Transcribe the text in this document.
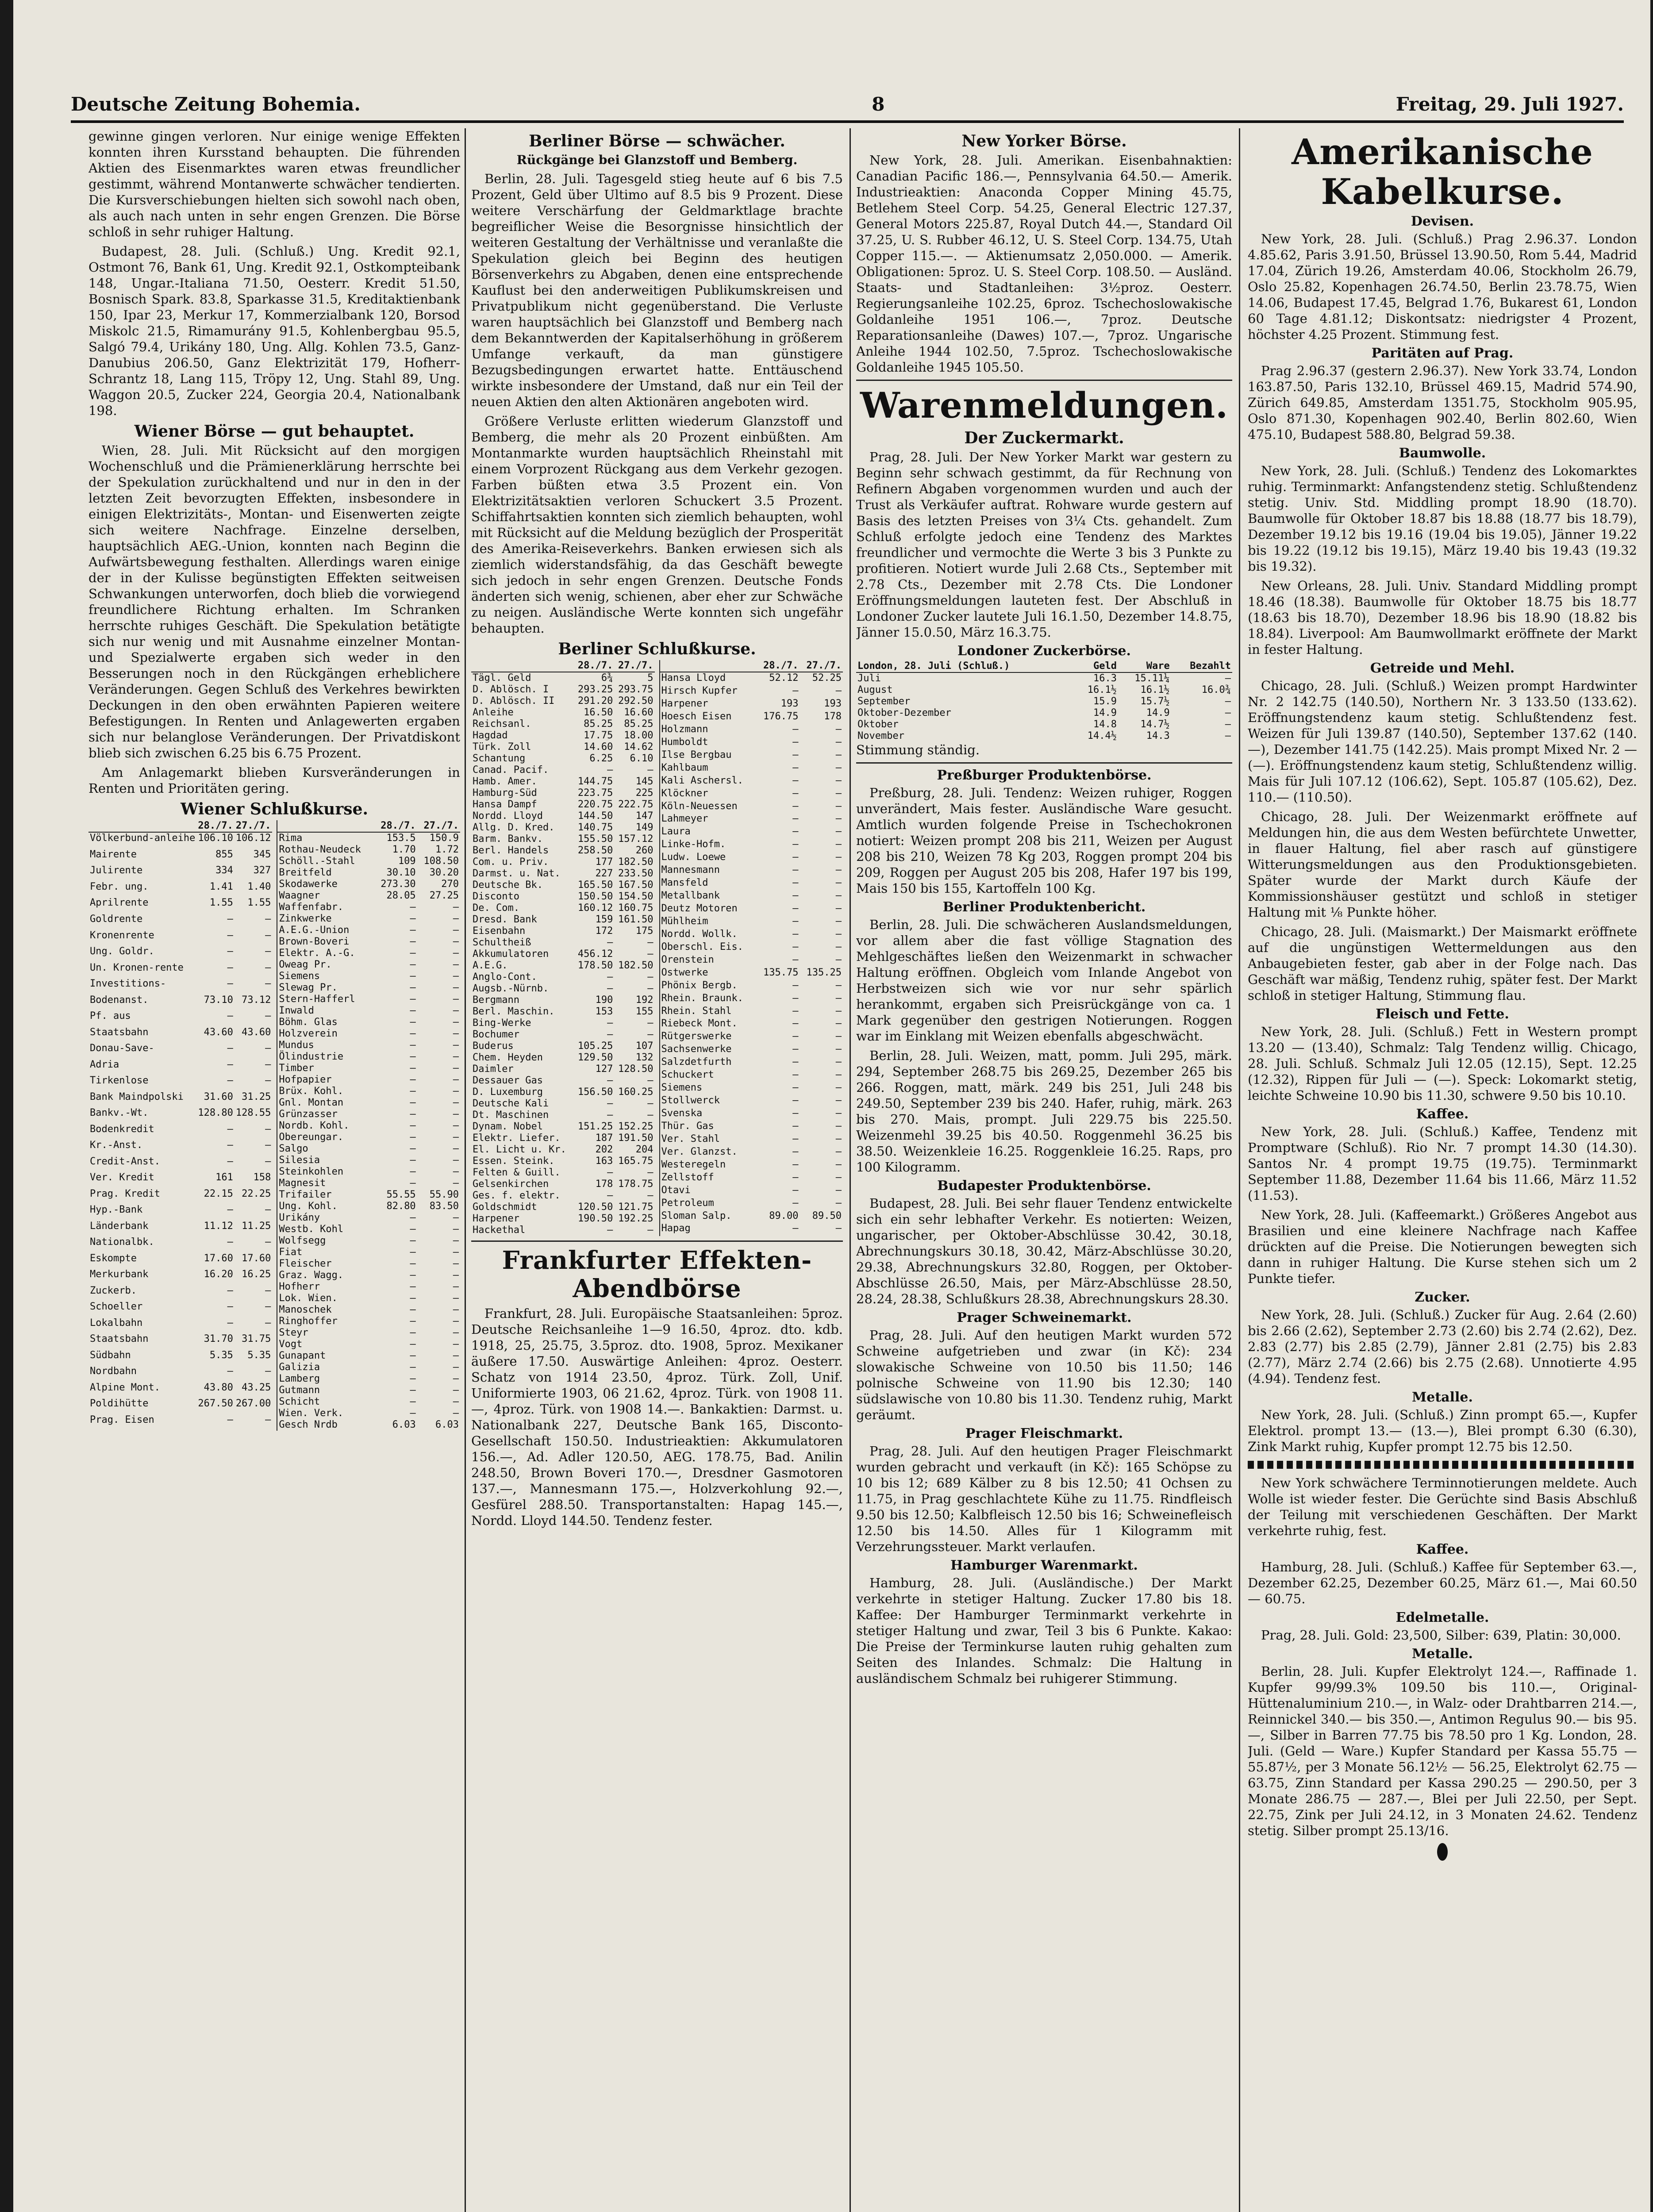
Deutsche Zeitung Bohemia.	8	Freitag, 29. Juli 1927.

gewinne gingen verloren. Nur einige wenige Effekten konnten ihren Kursstand behaupten. Die führenden Aktien des Eisenmarktes waren etwas freundlicher gestimmt, während Montanwerte schwächer tendierten. Die Kursverschiebungen hielten sich sowohl nach oben, als auch nach unten in sehr engen Grenzen. Die Börse schloß in sehr ruhiger Haltung.

Budapest, 28. Juli. (Schluß.) Ung. Kredit 92.1, Ostmont 76, Bank 61, Ung. Kredit 92.1, Ostkompteibank 148, Ungar.-Italiana 71.50, Oesterr. Kredit 51.50, Bosnisch Spark. 83.8, Sparkasse 31.5, Kreditaktienbank 150, Ipar 23, Merkur 17, Kommerzialbank 120, Borsod Miskolc 21.5, Rimamurány 91.5, Kohlenbergbau 95.5, Salgó 79.4, Urikány 180, Ung. Allg. Kohlen 73.5, Ganz-Danubius 206.50, Ganz Elektrizität 179, Hofherr-Schrantz 18, Lang 115, Tröpy 12, Ung. Stahl 89, Ung. Waggon 20.5, Zucker 224, Georgia 20.4, Nationalbank 198.

Wiener Börse — gut behauptet.

Wien, 28. Juli. Mit Rücksicht auf den morgigen Wochenschluß und die Prämienerklärung herrschte bei der Spekulation zurückhaltend und nur in den in der letzten Zeit bevorzugten Effekten, insbesondere in einigen Elektrizitäts-, Montan- und Eisenwerten zeigte sich weitere Nachfrage. Einzelne derselben, hauptsächlich AEG.-Union, konnten nach Beginn die Aufwärtsbewegung festhalten. Allerdings waren einige der in der Kulisse begünstigten Effekten seitweisen Schwankungen unterworfen, doch blieb die vorwiegend freundlichere Richtung erhalten. Im Schranken herrschte ruhiges Geschäft. Die Spekulation betätigte sich nur wenig und mit Ausnahme einzelner Montan- und Spezialwerte ergaben sich weder in den Besserungen noch in den Rückgängen erheblichere Veränderungen. Gegen Schluß des Verkehres bewirkten Deckungen in den oben erwähnten Papieren weitere Befestigungen. In Renten und Anlagewerten ergaben sich nur belanglose Veränderungen. Der Privatdiskont blieb sich zwischen 6.25 bis 6.75 Prozent.

Am Anlagemarkt blieben Kursveränderungen in Renten und Prioritäten gering.

Wiener Schlußkurse.
	28./7.	27./7.
Völkerbund-anleihe	106.10	106.12
Mairente	855	345
Julirente	334	327
Febr. ung.	1.41	1.40
Aprilrente	1.55	1.55
Goldrente	—	—
Kronenrente	—	—
Ung. Goldr.	—	—
Un. Kronen-rente	—	—
Investitions-	—	—
Bodenanst.	73.10	73.12
Pf. aus	—	—
Staatsbahn	43.60	43.60
Donau-Save-	—	—
Adria	—	—
Tirkenlose	—	—
Bank Maindpolski	31.60	31.25
Bankv.-Wt.	128.80	128.55
Bodenkredit	—	—
Kr.-Anst.	—	—
Credit-Anst.	—	—
Ver. Kredit	161	158
Prag. Kredit	22.15	22.25
Hyp.-Bank	—	—
Länderbank	11.12	11.25
Nationalbk.	—	—
Eskompte	17.60	17.60
Merkurbank	16.20	16.25
Zuckerb.	—	—
Schoeller	—	—
Lokalbahn	—	—
Staatsbahn	31.70	31.75
Südbahn	5.35	5.35
Nordbahn	—	—
Alpine Mont.	43.80	43.25
Poldihütte	267.50	267.00
Prag. Eisen	—	—
	28./7.	27./7.
Rima	153.5	150.9
Rothau-Neudeck	1.70	1.72
Schöll.-Stahl	109	108.50
Breitfeld	30.10	30.20
Skodawerke	273.30	270
Waagner	28.05	27.25
Waffenfabr.	—	—
Zinkwerke	—	—
A.E.G.-Union	—	—
Brown-Boveri	—	—
Elektr. A.-G.	—	—
Oweag Pr.	—	—
Siemens	—	—
Slewag Pr.	—	—
Stern-Hafferl	—	—
Inwald	—	—
Böhm. Glas	—	—
Holzverein	—	—
Mundus	—	—
Ölindustrie	—	—
Timber	—	—
Hofpapier	—	—
Brüx. Kohl.	—	—
Gnl. Montan	—	—
Grünzasser	—	—
Nordb. Kohl.	—	—
Obereungar.	—	—
Salgo	—	—
Silesia	—	—
Steinkohlen	—	—
Magnesit	—	—
Trifailer	55.55	55.90
Ung. Kohl.	82.80	83.50
Urikány	—	—
Westb. Kohl	—	—
Wolfsegg	—	—
Fiat	—	—
Fleischer	—	—
Graz. Wagg.	—	—
Hofherr	—	—
Lok. Wien.	—	—
Manoschek	—	—
Ringhoffer	—	—
Steyr	—	—
Vogt	—	—
Gunapant	—	—
Galizia	—	—
Lamberg	—	—
Gutmann	—	—
Schicht	—	—
Wien. Verk.	—	—
Gesch Nrdb	6.03	6.03
Berliner Börse — schwächer.
Rückgänge bei Glanzstoff und Bemberg.

Berlin, 28. Juli. Tagesgeld stieg heute auf 6 bis 7.5 Prozent, Geld über Ultimo auf 8.5 bis 9 Prozent. Diese weitere Verschärfung der Geldmarktlage brachte begreiflicher Weise die Besorgnisse hinsichtlich der weiteren Gestaltung der Verhältnisse und veranlaßte die Spekulation gleich bei Beginn des heutigen Börsenverkehrs zu Abgaben, denen eine entsprechende Kauflust bei den anderweitigen Publikumskreisen und Privatpublikum nicht gegenüberstand. Die Verluste waren hauptsächlich bei Glanzstoff und Bemberg nach dem Bekanntwerden der Kapitalserhöhung in größerem Umfange verkauft, da man günstigere Bezugsbedingungen erwartet hatte. Enttäuschend wirkte insbesondere der Umstand, daß nur ein Teil der neuen Aktien den alten Aktionären angeboten wird.

Größere Verluste erlitten wiederum Glanzstoff und Bemberg, die mehr als 20 Prozent einbüßten. Am Montanmarkte wurden hauptsächlich Rheinstahl mit einem Vorprozent Rückgang aus dem Verkehr gezogen. Farben büßten etwa 3.5 Prozent ein. Von Elektrizitätsaktien verloren Schuckert 3.5 Prozent. Schiffahrtsaktien konnten sich ziemlich behaupten, wohl mit Rücksicht auf die Meldung bezüglich der Prosperität des Amerika-Reiseverkehrs. Banken erwiesen sich als ziemlich widerstandsfähig, da das Geschäft bewegte sich jedoch in sehr engen Grenzen. Deutsche Fonds änderten sich wenig, schienen, aber eher zur Schwäche zu neigen. Ausländische Werte konnten sich ungefähr behaupten.

Berliner Schlußkurse.
	28./7.	27./7.
Tägl. Geld	6¾	5
D. Ablösch. I	293.25	293.75
D. Ablösch. II	291.20	292.50
Anleihe	16.50	16.60
Reichsanl.	85.25	85.25
Hagdad	17.75	18.00
Türk. Zoll	14.60	14.62
Schantung	6.25	6.10
Canad. Pacif.	—	—
Hamb. Amer.	144.75	145
Hamburg-Süd	223.75	225
Hansa Dampf	220.75	222.75
Nordd. Lloyd	144.50	147
Allg. D. Kred.	140.75	149
Barm. Bankv.	155.50	157.12
Berl. Handels	258.50	260
Com. u. Priv.	177	182.50
Darmst. u. Nat.	227	233.50
Deutsche Bk.	165.50	167.50
Disconto	150.50	154.50
De. Com.	160.12	160.75
Dresd. Bank	159	161.50
Eisenbahn	172	175
Schultheiß	—	—
Akkumulatoren	456.12	—
A.E.G.	178.50	182.50
Anglo-Cont.	—	—
Augsb.-Nürnb.	—	—
Bergmann	190	192
Berl. Maschin.	153	155
Bing-Werke	—	—
Bochumer	—	—
Buderus	105.25	107
Chem. Heyden	129.50	132
Daimler	127	128.50
Dessauer Gas	—	—
D. Luxemburg	156.50	160.25
Deutsche Kali	—	—
Dt. Maschinen	—	—
Dynam. Nobel	151.25	152.25
Elektr. Liefer.	187	191.50
El. Licht u. Kr.	202	204
Essen. Steink.	163	165.75
Felten & Guill.	—	—
Gelsenkirchen	178	178.75
Ges. f. elektr.	—	—
Goldschmidt	120.50	121.75
Harpener	190.50	192.25
Hackethal	—	—
	28./7.	27./7.
Hansa Lloyd	52.12	52.25
Hirsch Kupfer	—	—
Harpener	193	193
Hoesch Eisen	176.75	178
Holzmann	—	—
Humboldt	—	—
Ilse Bergbau	—	—
Kahlbaum	—	—
Kali Aschersl.	—	—
Klöckner	—	—
Köln-Neuessen	—	—
Lahmeyer	—	—
Laura	—	—
Linke-Hofm.	—	—
Ludw. Loewe	—	—
Mannesmann	—	—
Mansfeld	—	—
Metallbank	—	—
Deutz Motoren	—	—
Mühlheim	—	—
Nordd. Wollk.	—	—
Oberschl. Eis.	—	—
Orenstein	—	—
Ostwerke	135.75	135.25
Phönix Bergb.	—	—
Rhein. Braunk.	—	—
Rhein. Stahl	—	—
Riebeck Mont.	—	—
Rütgerswerke	—	—
Sachsenwerke	—	—
Salzdetfurth	—	—
Schuckert	—	—
Siemens	—	—
Stollwerck	—	—
Svenska	—	—
Thür. Gas	—	—
Ver. Stahl	—	—
Ver. Glanzst.	—	—
Westeregeln	—	—
Zellstoff	—	—
Otavi	—	—
Petroleum	—	—
Sloman Salp.	89.00	89.50
Hapag	—	—
Frankfurter Effekten-Abendbörse

Frankfurt, 28. Juli. Europäische Staatsanleihen: 5proz. Deutsche Reichsanleihe 1—9 16.50, 4proz. dto. kdb. 1918, 25, 25.75, 3.5proz. dto. 1908, 5proz. Mexikaner äußere 17.50. Auswärtige Anleihen: 4proz. Oesterr. Schatz von 1914 23.50, 4proz. Türk. Zoll, Unif. Uniformierte 1903, 06 21.62, 4proz. Türk. von 1908 11.—, 4proz. Türk. von 1908 14.—. Bankaktien: Darmst. u. Nationalbank 227, Deutsche Bank 165, Disconto-Gesellschaft 150.50. Industrieaktien: Akkumulatoren 156.—, Ad. Adler 120.50, AEG. 178.75, Bad. Anilin 248.50, Brown Boveri 170.—, Dresdner Gasmotoren 137.—, Mannesmann 175.—, Holzverkohlung 92.—, Gesfürel 288.50. Transportanstalten: Hapag 145.—, Nordd. Lloyd 144.50. Tendenz fester.

New Yorker Börse.

New York, 28. Juli. Amerikan. Eisenbahnaktien: Canadian Pacific 186.—, Pennsylvania 64.50.— Amerik. Industrieaktien: Anaconda Copper Mining 45.75, Betlehem Steel Corp. 54.25, General Electric 127.37, General Motors 225.87, Royal Dutch 44.—, Standard Oil 37.25, U. S. Rubber 46.12, U. S. Steel Corp. 134.75, Utah Copper 115.—. — Aktienumsatz 2,050.000. — Amerik. Obligationen: 5proz. U. S. Steel Corp. 108.50. — Ausländ. Staats- und Stadtanleihen: 3½proz. Oesterr. Regierungsanleihe 102.25, 6proz. Tschechoslowakische Goldanleihe 1951 106.—, 7proz. Deutsche Reparationsanleihe (Dawes) 107.—, 7proz. Ungarische Anleihe 1944 102.50, 7.5proz. Tschechoslowakische Goldanleihe 1945 105.50.

Warenmeldungen.
Der Zuckermarkt.

Prag, 28. Juli. Der New Yorker Markt war gestern zu Beginn sehr schwach gestimmt, da für Rechnung von Refinern Abgaben vorgenommen wurden und auch der Trust als Verkäufer auftrat. Rohware wurde gestern auf Basis des letzten Preises von 3¼ Cts. gehandelt. Zum Schluß erfolgte jedoch eine Tendenz des Marktes freundlicher und vermochte die Werte 3 bis 3 Punkte zu profitieren. Notiert wurde Juli 2.68 Cts., September mit 2.78 Cts., Dezember mit 2.78 Cts. Die Londoner Eröffnungsmeldungen lauteten fest. Der Abschluß in Londoner Zucker lautete Juli 16.1.50, Dezember 14.8.75, Jänner 15.0.50, März 16.3.75.

Londoner Zuckerbörse.
London, 28. Juli (Schluß.)	Geld	Ware	Bezahlt
Juli	16.3	15.11¼	—
August	16.1½	16.1½	16.0¾
September	15.9	15.7½	—
Oktober-Dezember	14.9	14.9	—
Oktober	14.8	14.7½	—
November	14.4½	14.3	—

Stimmung ständig.

Preßburger Produktenbörse.

Preßburg, 28. Juli. Tendenz: Weizen ruhiger, Roggen unverändert, Mais fester. Ausländische Ware gesucht. Amtlich wurden folgende Preise in Tschechokronen notiert: Weizen prompt 208 bis 211, Weizen per August 208 bis 210, Weizen 78 Kg 203, Roggen prompt 204 bis 209, Roggen per August 205 bis 208, Hafer 197 bis 199, Mais 150 bis 155, Kartoffeln 100 Kg.

Berliner Produktenbericht.

Berlin, 28. Juli. Die schwächeren Auslandsmeldungen, vor allem aber die fast völlige Stagnation des Mehlgeschäftes ließen den Weizenmarkt in schwacher Haltung eröffnen. Obgleich vom Inlande Angebot von Herbstweizen sich wie vor nur sehr spärlich herankommt, ergaben sich Preisrückgänge von ca. 1 Mark gegenüber den gestrigen Notierungen. Roggen war im Einklang mit Weizen ebenfalls abgeschwächt.

Berlin, 28. Juli. Weizen, matt, pomm. Juli 295, märk. 294, September 268.75 bis 269.25, Dezember 265 bis 266. Roggen, matt, märk. 249 bis 251, Juli 248 bis 249.50, September 239 bis 240. Hafer, ruhig, märk. 263 bis 270. Mais, prompt. Juli 229.75 bis 225.50. Weizenmehl 39.25 bis 40.50. Roggenmehl 36.25 bis 38.50. Weizenkleie 16.25. Roggenkleie 16.25. Raps, pro 100 Kilogramm.

Budapester Produktenbörse.

Budapest, 28. Juli. Bei sehr flauer Tendenz entwickelte sich ein sehr lebhafter Verkehr. Es notierten: Weizen, ungarischer, per Oktober-Abschlüsse 30.42, 30.18, Abrechnungskurs 30.18, 30.42, März-Abschlüsse 30.20, 29.38, Abrechnungskurs 32.80, Roggen, per Oktober-Abschlüsse 26.50, Mais, per März-Abschlüsse 28.50, 28.24, 28.38, Schlußkurs 28.38, Abrechnungskurs 28.30.

Prager Schweinemarkt.

Prag, 28. Juli. Auf den heutigen Markt wurden 572 Schweine aufgetrieben und zwar (in Kč): 234 slowakische Schweine von 10.50 bis 11.50; 146 polnische Schweine von 11.90 bis 12.30; 140 südslawische von 10.80 bis 11.30. Tendenz ruhig, Markt geräumt.

Prager Fleischmarkt.

Prag, 28. Juli. Auf den heutigen Prager Fleischmarkt wurden gebracht und verkauft (in Kč): 165 Schöpse zu 10 bis 12; 689 Kälber zu 8 bis 12.50; 41 Ochsen zu 11.75, in Prag geschlachtete Kühe zu 11.75. Rindfleisch 9.50 bis 12.50; Kalbfleisch 12.50 bis 16; Schweinefleisch 12.50 bis 14.50. Alles für 1 Kilogramm mit Verzehrungssteuer. Markt verlaufen.

Hamburger Warenmarkt.

Hamburg, 28. Juli. (Ausländische.) Der Markt verkehrte in stetiger Haltung. Zucker 17.80 bis 18. Kaffee: Der Hamburger Terminmarkt verkehrte in stetiger Haltung und zwar, Teil 3 bis 6 Punkte. Kakao: Die Preise der Terminkurse lauten ruhig gehalten zum Seiten des Inlandes. Schmalz: Die Haltung in ausländischem Schmalz bei ruhigerer Stimmung.

Amerikanische Kabelkurse.
Devisen.

New York, 28. Juli. (Schluß.) Prag 2.96.37. London 4.85.62, Paris 3.91.50, Brüssel 13.90.50, Rom 5.44, Madrid 17.04, Zürich 19.26, Amsterdam 40.06, Stockholm 26.79, Oslo 25.82, Kopenhagen 26.74.50, Berlin 23.78.75, Wien 14.06, Budapest 17.45, Belgrad 1.76, Bukarest 61, London 60 Tage 4.81.12; Diskontsatz: niedrigster 4 Prozent, höchster 4.25 Prozent. Stimmung fest.

Paritäten auf Prag.

Prag 2.96.37 (gestern 2.96.37). New York 33.74, London 163.87.50, Paris 132.10, Brüssel 469.15, Madrid 574.90, Zürich 649.85, Amsterdam 1351.75, Stockholm 905.95, Oslo 871.30, Kopenhagen 902.40, Berlin 802.60, Wien 475.10, Budapest 588.80, Belgrad 59.38.

Baumwolle.

New York, 28. Juli. (Schluß.) Tendenz des Lokomarktes ruhig. Terminmarkt: Anfangstendenz stetig. Schlußtendenz stetig. Univ. Std. Middling prompt 18.90 (18.70). Baumwolle für Oktober 18.87 bis 18.88 (18.77 bis 18.79), Dezember 19.12 bis 19.16 (19.04 bis 19.05), Jänner 19.22 bis 19.22 (19.12 bis 19.15), März 19.40 bis 19.43 (19.32 bis 19.32).

New Orleans, 28. Juli. Univ. Standard Middling prompt 18.46 (18.38). Baumwolle für Oktober 18.75 bis 18.77 (18.63 bis 18.70), Dezember 18.96 bis 18.90 (18.82 bis 18.84). Liverpool: Am Baumwollmarkt eröffnete der Markt in fester Haltung.

Getreide und Mehl.

Chicago, 28. Juli. (Schluß.) Weizen prompt Hardwinter Nr. 2 142.75 (140.50), Northern Nr. 3 133.50 (133.62). Eröffnungstendenz kaum stetig. Schlußtendenz fest. Weizen für Juli 139.87 (140.50), September 137.62 (140.—), Dezember 141.75 (142.25). Mais prompt Mixed Nr. 2 — (—). Eröffnungstendenz kaum stetig, Schlußtendenz willig. Mais für Juli 107.12 (106.62), Sept. 105.87 (105.62), Dez. 110.— (110.50).

Chicago, 28. Juli. Der Weizenmarkt eröffnete auf Meldungen hin, die aus dem Westen befürchtete Unwetter, in flauer Haltung, fiel aber rasch auf günstigere Witterungsmeldungen aus den Produktionsgebieten. Später wurde der Markt durch Käufe der Kommissionshäuser gestützt und schloß in stetiger Haltung mit ⅛ Punkte höher.

Chicago, 28. Juli. (Maismarkt.) Der Maismarkt eröffnete auf die ungünstigen Wettermeldungen aus den Anbaugebieten fester, gab aber in der Folge nach. Das Geschäft war mäßig, Tendenz ruhig, später fest. Der Markt schloß in stetiger Haltung, Stimmung flau.

Fleisch und Fette.

New York, 28. Juli. (Schluß.) Fett in Western prompt 13.20 — (13.40), Schmalz: Talg Tendenz willig. Chicago, 28. Juli. Schluß. Schmalz Juli 12.05 (12.15), Sept. 12.25 (12.32), Rippen für Juli — (—). Speck: Lokomarkt stetig, leichte Schweine 10.90 bis 11.30, schwere 9.50 bis 10.10.

Kaffee.

New York, 28. Juli. (Schluß.) Kaffee, Tendenz mit Promptware (Schluß). Rio Nr. 7 prompt 14.30 (14.30). Santos Nr. 4 prompt 19.75 (19.75). Terminmarkt September 11.88, Dezember 11.64 bis 11.66, März 11.52 (11.53).

New York, 28. Juli. (Kaffeemarkt.) Größeres Angebot aus Brasilien und eine kleinere Nachfrage nach Kaffee drückten auf die Preise. Die Notierungen bewegten sich dann in ruhiger Haltung. Die Kurse stehen sich um 2 Punkte tiefer.

Zucker.

New York, 28. Juli. (Schluß.) Zucker für Aug. 2.64 (2.60) bis 2.66 (2.62), September 2.73 (2.60) bis 2.74 (2.62), Dez. 2.83 (2.77) bis 2.85 (2.79), Jänner 2.81 (2.75) bis 2.83 (2.77), März 2.74 (2.66) bis 2.75 (2.68). Unnotierte 4.95 (4.94). Tendenz fest.

Metalle.

New York, 28. Juli. (Schluß.) Zinn prompt 65.—, Kupfer Elektrol. prompt 13.— (13.—), Blei prompt 6.30 (6.30), Zink Markt ruhig, Kupfer prompt 12.75 bis 12.50.

New York schwächere Terminnotierungen meldete. Auch Wolle ist wieder fester. Die Gerüchte sind Basis Abschluß der Teilung mit verschiedenen Geschäften. Der Markt verkehrte ruhig, fest.

Kaffee.

Hamburg, 28. Juli. (Schluß.) Kaffee für September 63.—, Dezember 62.25, Dezember 60.25, März 61.—, Mai 60.50 — 60.75.

Edelmetalle.

Prag, 28. Juli. Gold: 23,500, Silber: 639, Platin: 30,000.

Metalle.

Berlin, 28. Juli. Kupfer Elektrolyt 124.—, Raffinade 1. Kupfer 99/99.3% 109.50 bis 110.—, Original-Hüttenaluminium 210.—, in Walz- oder Drahtbarren 214.—, Reinnickel 340.— bis 350.—, Antimon Regulus 90.— bis 95.—, Silber in Barren 77.75 bis 78.50 pro 1 Kg. London, 28. Juli. (Geld — Ware.) Kupfer Standard per Kassa 55.75 — 55.87½, per 3 Monate 56.12½ — 56.25, Elektrolyt 62.75 — 63.75, Zinn Standard per Kassa 290.25 — 290.50, per 3 Monate 286.75 — 287.—, Blei per Juli 22.50, per Sept. 22.75, Zink per Juli 24.12, in 3 Monaten 24.62. Tendenz stetig. Silber prompt 25.13/16.
